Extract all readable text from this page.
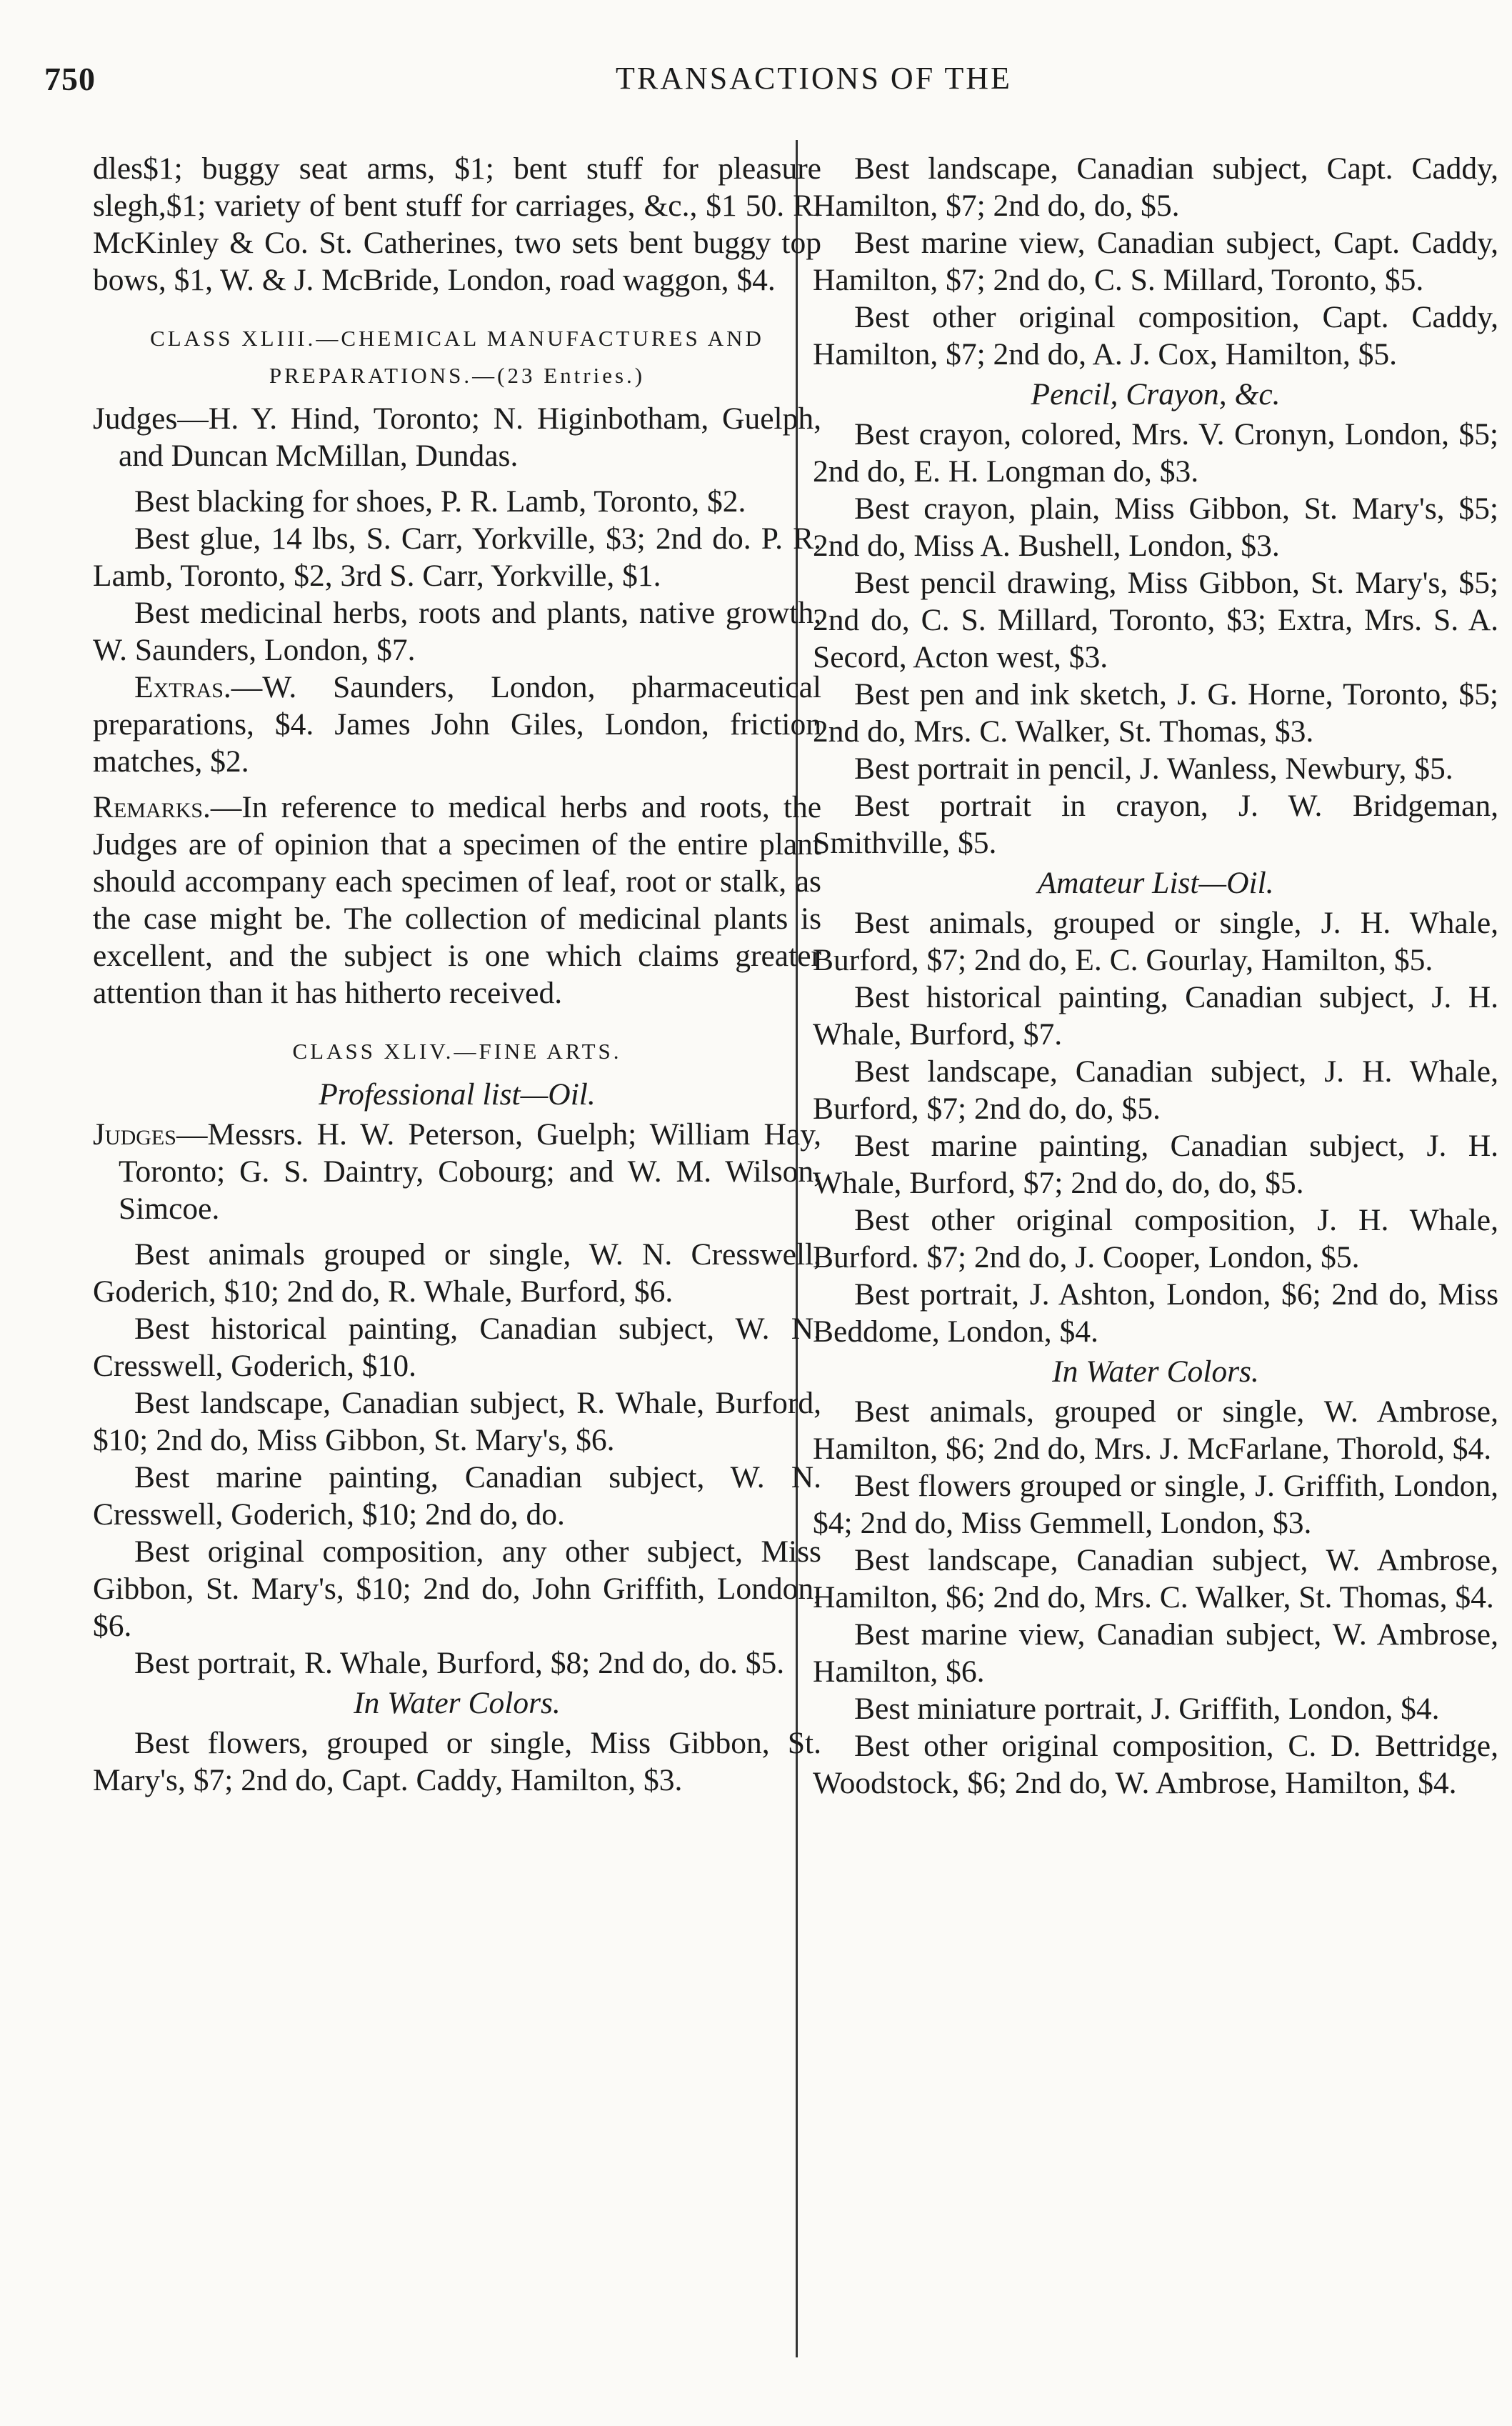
750	TRANSACTIONS OF THE

dles$1; buggy seat arms, $1; bent stuff for pleasure slegh,$1; variety of bent stuff for carriages, &c., $1 50. R. McKinley & Co. St. Catherines, two sets bent buggy top bows, $1, W. & J. McBride, London, road waggon, $4.

CLASS XLIII.—CHEMICAL MANUFACTURES AND PREPARATIONS.—(23 Entries.)

Judges—H. Y. Hind, Toronto; N. Higinbotham, Guelph, and Duncan McMillan, Dundas.

Best blacking for shoes, P. R. Lamb, Toronto, $2.

Best glue, 14 lbs, S. Carr, Yorkville, $3; 2nd do. P. R. Lamb, Toronto, $2, 3rd S. Carr, Yorkville, $1.

Best medicinal herbs, roots and plants, native growth, W. Saunders, London, $7.

Extras.—W. Saunders, London, pharmaceutical preparations, $4. James John Giles, London, friction matches, $2.

Remarks.—In reference to medical herbs and roots, the Judges are of opinion that a specimen of the entire plant should accompany each specimen of leaf, root or stalk, as the case might be. The collection of medicinal plants is excellent, and the subject is one which claims greater attention than it has hitherto received.

CLASS XLIV.—FINE ARTS.

Professional list—Oil.

Judges—Messrs. H. W. Peterson, Guelph; William Hay, Toronto; G. S. Daintry, Cobourg; and W. M. Wilson, Simcoe.

Best animals grouped or single, W. N. Cresswell, Goderich, $10; 2nd do, R. Whale, Burford, $6.

Best historical painting, Canadian subject, W. N. Cresswell, Goderich, $10.

Best landscape, Canadian subject, R. Whale, Burford, $10; 2nd do, Miss Gibbon, St. Mary's, $6.

Best marine painting, Canadian subject, W. N. Cresswell, Goderich, $10; 2nd do, do.

Best original composition, any other subject, Miss Gibbon, St. Mary's, $10; 2nd do, John Griffith, London, $6.

Best portrait, R. Whale, Burford, $8; 2nd do, do. $5.

In Water Colors.

Best flowers, grouped or single, Miss Gibbon, St. Mary's, $7; 2nd do, Capt. Caddy, Hamilton, $3.

Best landscape, Canadian subject, Capt. Caddy, Hamilton, $7; 2nd do, do, $5.

Best marine view, Canadian subject, Capt. Caddy, Hamilton, $7; 2nd do, C. S. Millard, Toronto, $5.

Best other original composition, Capt. Caddy, Hamilton, $7; 2nd do, A. J. Cox, Hamilton, $5.

Pencil, Crayon, &c.

Best crayon, colored, Mrs. V. Cronyn, London, $5; 2nd do, E. H. Longman do, $3.

Best crayon, plain, Miss Gibbon, St. Mary's, $5; 2nd do, Miss A. Bushell, London, $3.

Best pencil drawing, Miss Gibbon, St. Mary's, $5; 2nd do, C. S. Millard, Toronto, $3; Extra, Mrs. S. A. Secord, Acton west, $3.

Best pen and ink sketch, J. G. Horne, Toronto, $5; 2nd do, Mrs. C. Walker, St. Thomas, $3.

Best portrait in pencil, J. Wanless, Newbury, $5.

Best portrait in crayon, J. W. Bridgeman, Smithville, $5.

Amateur List—Oil.

Best animals, grouped or single, J. H. Whale, Burford, $7; 2nd do, E. C. Gourlay, Hamilton, $5.

Best historical painting, Canadian subject, J. H. Whale, Burford, $7.

Best landscape, Canadian subject, J. H. Whale, Burford, $7; 2nd do, do, $5.

Best marine painting, Canadian subject, J. H. Whale, Burford, $7; 2nd do, do, do, $5.

Best other original composition, J. H. Whale, Burford. $7; 2nd do, J. Cooper, London, $5.

Best portrait, J. Ashton, London, $6; 2nd do, Miss Beddome, London, $4.

In Water Colors.

Best animals, grouped or single, W. Ambrose, Hamilton, $6; 2nd do, Mrs. J. McFarlane, Thorold, $4.

Best flowers grouped or single, J. Griffith, London, $4; 2nd do, Miss Gemmell, London, $3.

Best landscape, Canadian subject, W. Ambrose, Hamilton, $6; 2nd do, Mrs. C. Walker, St. Thomas, $4.

Best marine view, Canadian subject, W. Ambrose, Hamilton, $6.

Best miniature portrait, J. Griffith, London, $4.

Best other original composition, C. D. Bettridge, Woodstock, $6; 2nd do, W. Ambrose, Hamilton, $4.
